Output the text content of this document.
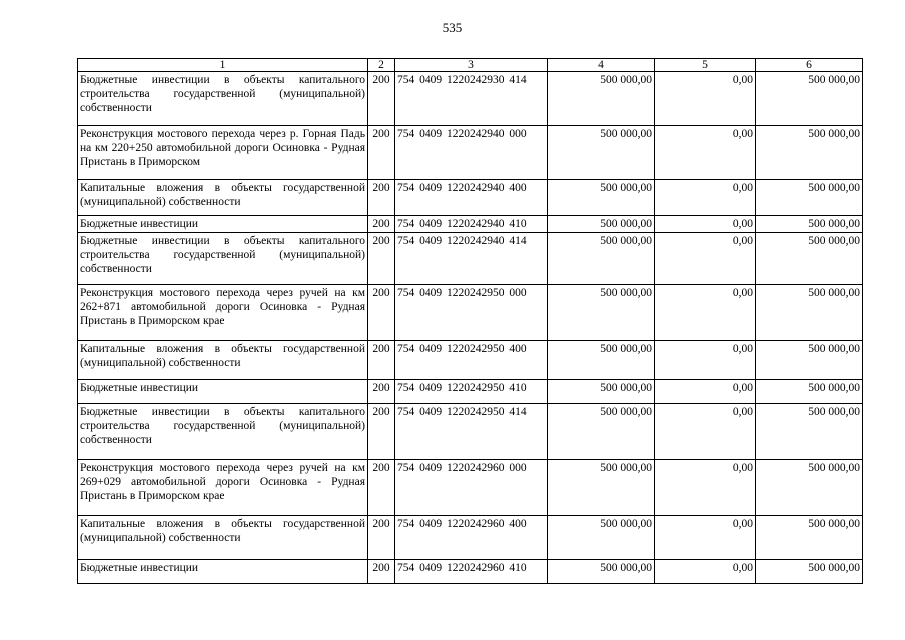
535
1	2	3	4	5	6
Бюджетные инвестиции в объекты капитального строительства государственной (муниципальной) собственности	200	754 0409 1220242930 414	500 000,00	0,00	500 000,00
Реконструкция мостового перехода через р. Горная Падь на км 220+250 автомобильной дороги Осиновка - Рудная Пристань в Приморском	200	754 0409 1220242940 000	500 000,00	0,00	500 000,00
Капитальные вложения в объекты государственной (муниципальной) собственности	200	754 0409 1220242940 400	500 000,00	0,00	500 000,00
Бюджетные инвестиции	200	754 0409 1220242940 410	500 000,00	0,00	500 000,00
Бюджетные инвестиции в объекты капитального строительства государственной (муниципальной) собственности	200	754 0409 1220242940 414	500 000,00	0,00	500 000,00
Реконструкция мостового перехода через ручей на км 262+871 автомобильной дороги Осиновка - Рудная Пристань в Приморском крае	200	754 0409 1220242950 000	500 000,00	0,00	500 000,00
Капитальные вложения в объекты государственной (муниципальной) собственности	200	754 0409 1220242950 400	500 000,00	0,00	500 000,00
Бюджетные инвестиции	200	754 0409 1220242950 410	500 000,00	0,00	500 000,00
Бюджетные инвестиции в объекты капитального строительства государственной (муниципальной) собственности	200	754 0409 1220242950 414	500 000,00	0,00	500 000,00
Реконструкция мостового перехода через ручей на км 269+029 автомобильной дороги Осиновка - Рудная Пристань в Приморском крае	200	754 0409 1220242960 000	500 000,00	0,00	500 000,00
Капитальные вложения в объекты государственной (муниципальной) собственности	200	754 0409 1220242960 400	500 000,00	0,00	500 000,00
Бюджетные инвестиции	200	754 0409 1220242960 410	500 000,00	0,00	500 000,00
